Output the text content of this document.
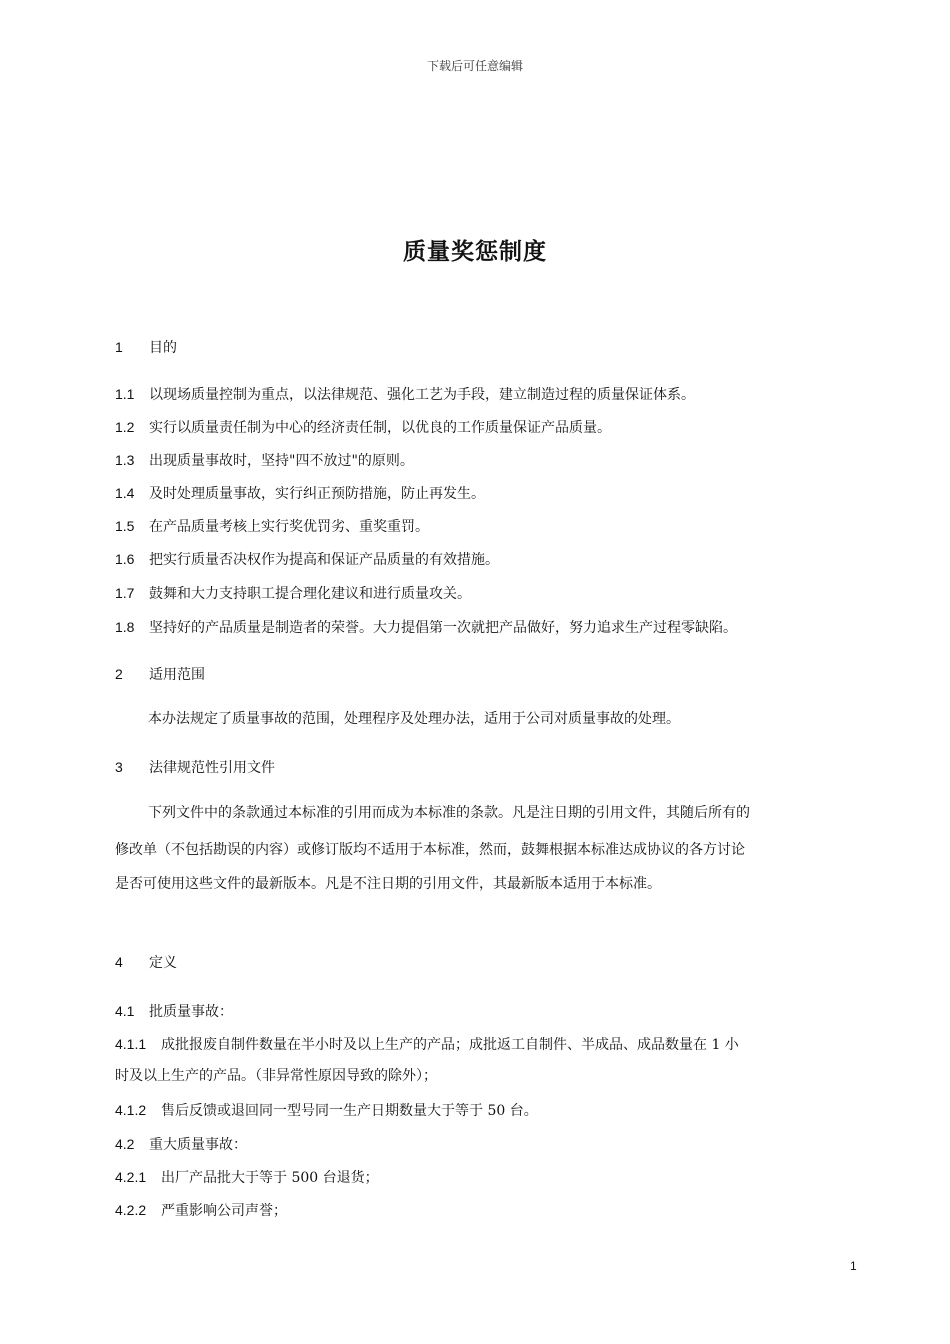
下载后可任意编辑
质量奖惩制度
1 目的
1.1 以现场质量控制为重点，以法律规范、强化工艺为手段，建立制造过程的质量保证体系。
1.2 实行以质量责任制为中心的经济责任制，以优良的工作质量保证产品质量。
1.3 出现质量事故时，坚持"四不放过"的原则。
1.4 及时处理质量事故，实行纠正预防措施，防止再发生。
1.5 在产品质量考核上实行奖优罚劣、重奖重罚。
1.6 把实行质量否决权作为提高和保证产品质量的有效措施。
1.7 鼓舞和大力支持职工提合理化建议和进行质量攻关。
1.8 坚持好的产品质量是制造者的荣誉。大力提倡第一次就把产品做好，努力追求生产过程零缺陷。
2 适用范围
本办法规定了质量事故的范围，处理程序及处理办法，适用于公司对质量事故的处理。
3 法律规范性引用文件
下列文件中的条款通过本标准的引用而成为本标准的条款。凡是注日期的引用文件，其随后所有的
修改单（不包括勘误的内容）或修订版均不适用于本标准，然而，鼓舞根据本标准达成协议的各方讨论
是否可使用这些文件的最新版本。凡是不注日期的引用文件，其最新版本适用于本标准。
4 定义
4.1 批质量事故：
4.1.1 成批报废自制件数量在半小时及以上生产的产品；成批返工自制件、半成品、成品数量在 1 小
时及以上生产的产品。（非异常性原因导致的除外）；
4.1.2 售后反馈或退回同一型号同一生产日期数量大于等于 50 台。
4.2 重大质量事故：
4.2.1 出厂产品批大于等于 500 台退货；
4.2.2 严重影响公司声誉；
1
